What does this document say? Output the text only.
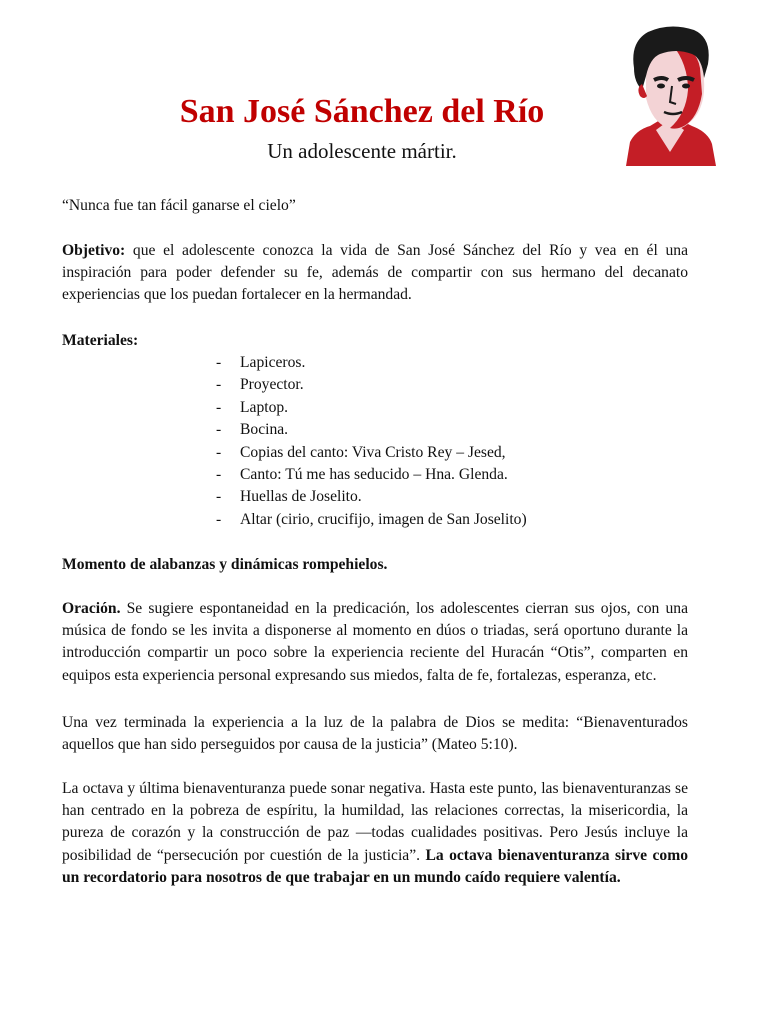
San José Sánchez del Río
Un adolescente mártir.
“Nunca fue tan fácil ganarse el cielo”
Objetivo: que el adolescente conozca la vida de San José Sánchez del Río y vea en él una inspiración para poder defender su fe, además de compartir con sus hermano del decanato experiencias que los puedan fortalecer en la hermandad.
Materiales:
- Lapiceros.
- Proyector.
- Laptop.
- Bocina.
- Copias del canto: Viva Cristo Rey – Jesed,
- Canto: Tú me has seducido – Hna. Glenda.
- Huellas de Joselito.
- Altar (cirio, crucifijo, imagen de San Joselito)
Momento de alabanzas y dinámicas rompehielos.
Oración. Se sugiere espontaneidad en la predicación, los adolescentes cierran sus ojos, con una música de fondo se les invita a disponerse al momento en dúos o triadas, será oportuno durante la introducción compartir un poco sobre la experiencia reciente del Huracán “Otis”, comparten en equipos esta experiencia personal expresando sus miedos, falta de fe, fortalezas, esperanza, etc.
Una vez terminada la experiencia a la luz de la palabra de Dios se medita: “Bienaventurados aquellos que han sido perseguidos por causa de la justicia” (Mateo 5:10).
La octava y última bienaventuranza puede sonar negativa. Hasta este punto, las bienaventuranzas se han centrado en la pobreza de espíritu, la humildad, las relaciones correctas, la misericordia, la pureza de corazón y la construcción de paz —todas cualidades positivas. Pero Jesús incluye la posibilidad de “persecución por cuestión de la justicia”. La octava bienaventuranza sirve como un recordatorio para nosotros de que trabajar en un mundo caído requiere valentía.
